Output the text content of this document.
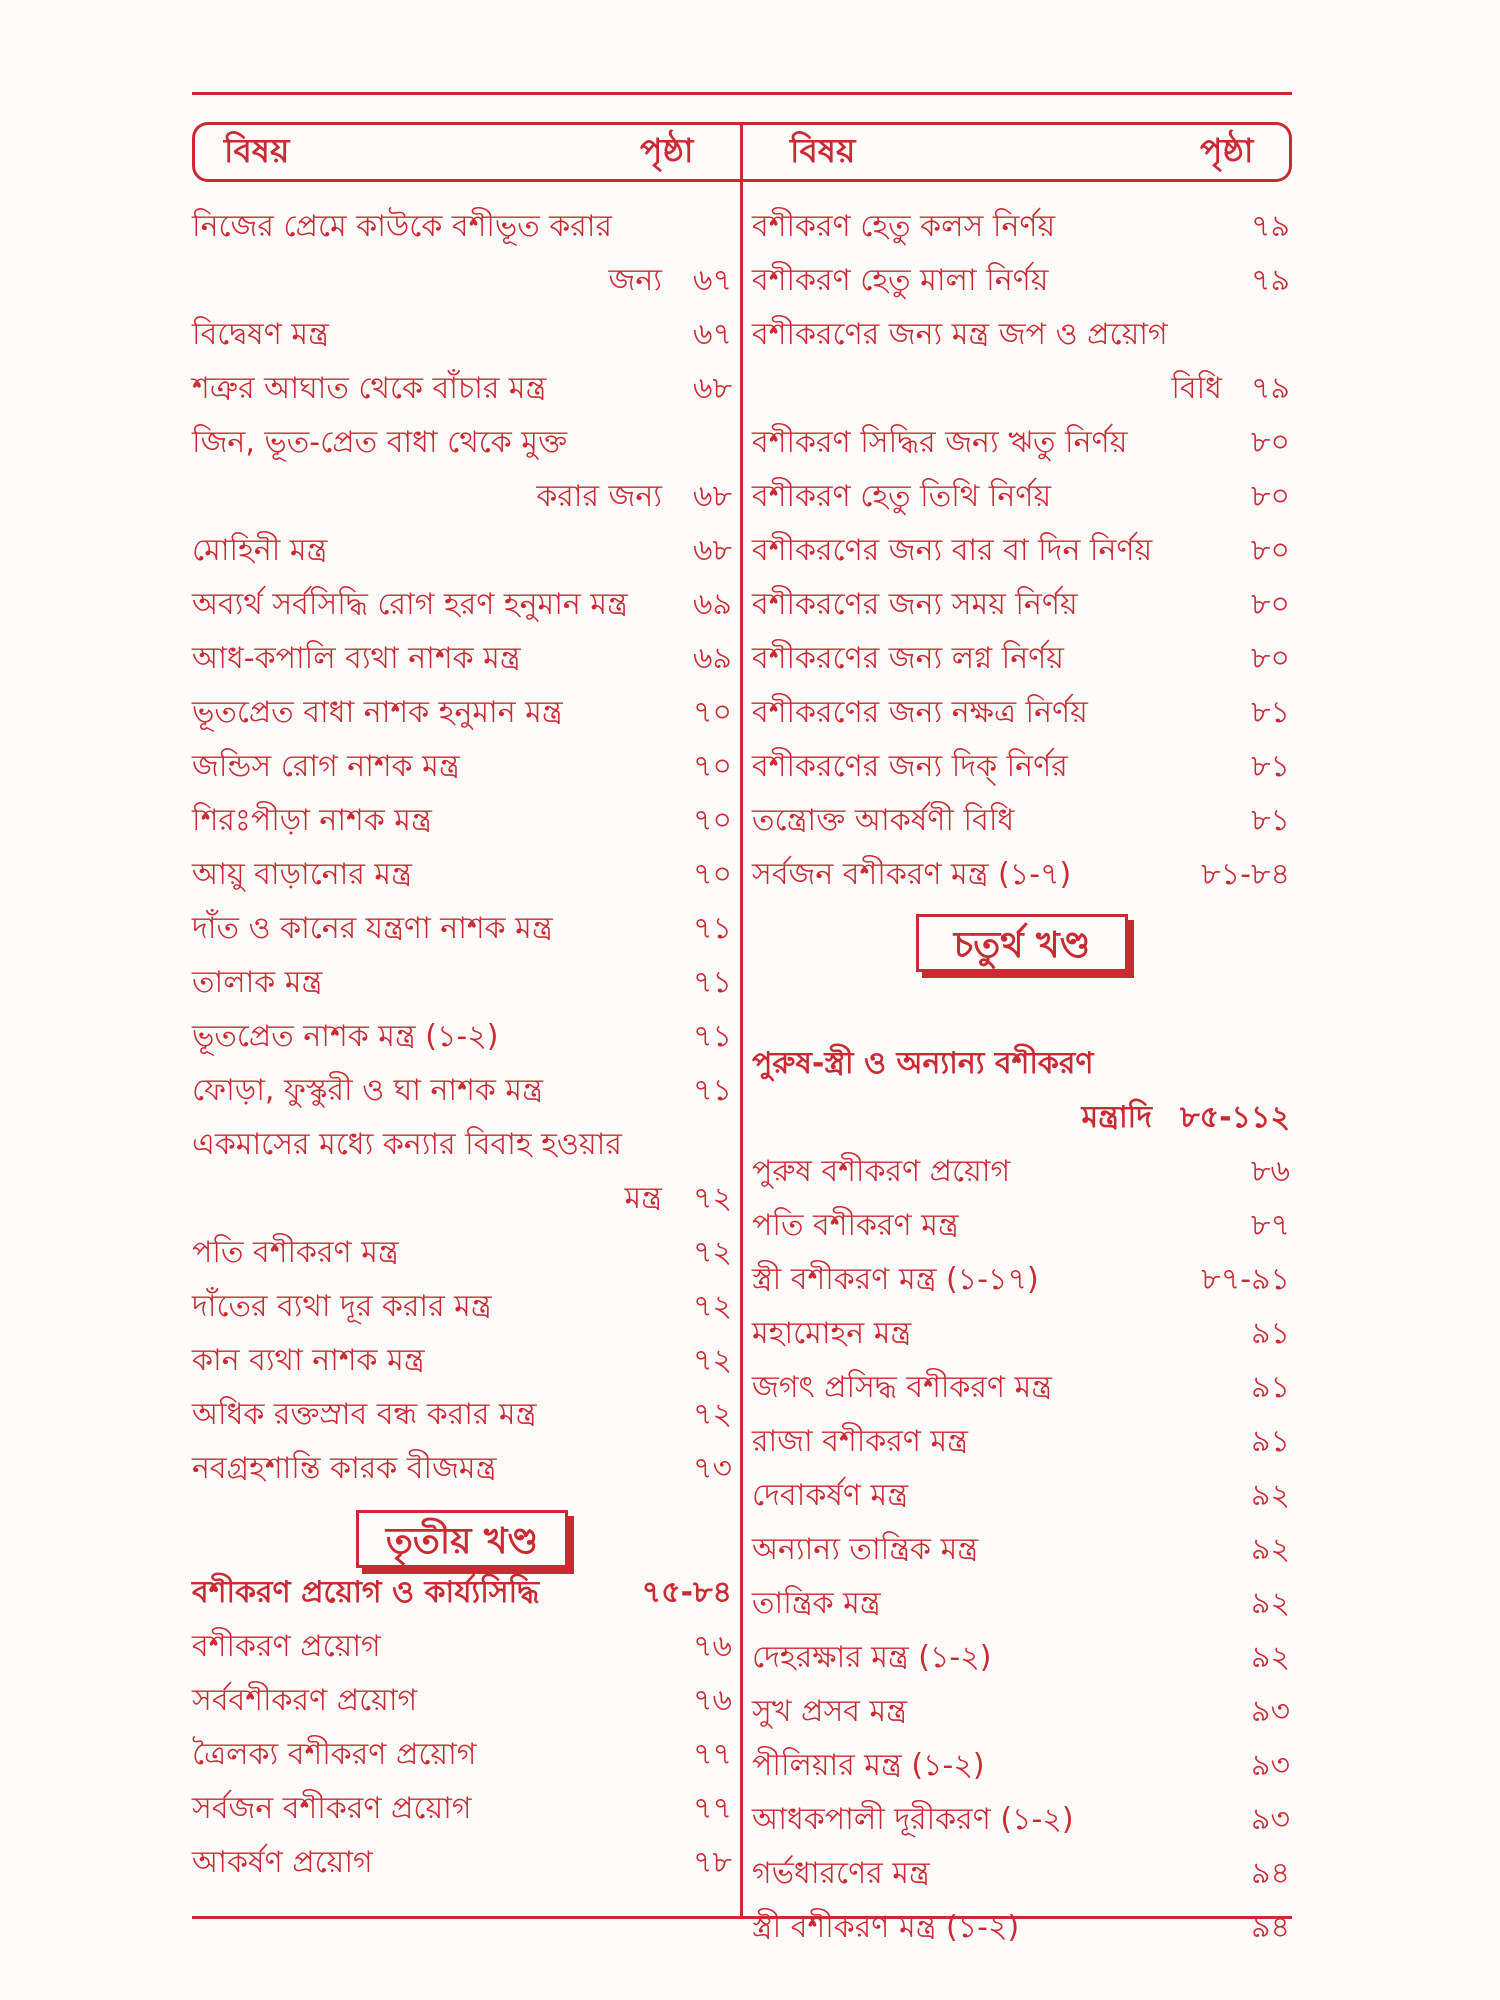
বিষয়	পৃষ্ঠা	বিষয়	পৃষ্ঠা
নিজের প্রেমে কাউকে বশীভূত করার
জন্য ৬৭
বিদ্বেষণ মন্ত্র	৬৭
শত্রুর আঘাত থেকে বাঁচার মন্ত্র	৬৮
জিন, ভূত-প্রেত বাধা থেকে মুক্ত
করার জন্য ৬৮
মোহিনী মন্ত্র	৬৮
অব্যর্থ সর্বসিদ্ধি রোগ হরণ হনুমান মন্ত্র ৬৯
আধ-কপালি ব্যথা নাশক মন্ত্র	৬৯
ভূতপ্রেত বাধা নাশক হনুমান মন্ত্র	৭০
জন্ডিস রোগ নাশক মন্ত্র	৭০
শিরঃপীড়া নাশক মন্ত্র	৭০
আয়ু বাড়ানোর মন্ত্র	৭০
দাঁত ও কানের যন্ত্রণা নাশক মন্ত্র	৭১
তালাক মন্ত্র	৭১
ভূতপ্রেত নাশক মন্ত্র (১-২)	৭১
ফোড়া, ফুস্কুরী ও ঘা নাশক মন্ত্র	৭১
একমাসের মধ্যে কন্যার বিবাহ হওয়ার
মন্ত্র ৭২
পতি বশীকরণ মন্ত্র	৭২
দাঁতের ব্যথা দূর করার মন্ত্র	৭২
কান ব্যথা নাশক মন্ত্র	৭২
অধিক রক্তস্রাব বন্ধ করার মন্ত্র	৭২
নবগ্রহশান্তি কারক বীজমন্ত্র	৭৩
বশীকরণ প্রয়োগ ও কার্য্যসিদ্ধি	৭৫-৮৪
বশীকরণ প্রয়োগ	৭৬
সর্ববশীকরণ প্রয়োগ	৭৬
ত্রৈলক্য বশীকরণ প্রয়োগ	৭৭
সর্বজন বশীকরণ প্রয়োগ	৭৭
আকর্ষণ প্রয়োগ	৭৮
বশীকরণ হেতু কলস নির্ণয়	৭৯
বশীকরণ হেতু মালা নির্ণয়	৭৯
বশীকরণের জন্য মন্ত্র জপ ও প্রয়োগ
বিধি ৭৯
বশীকরণ সিদ্ধির জন্য ঋতু নির্ণয়	৮০
বশীকরণ হেতু তিথি নির্ণয়	৮০
বশীকরণের জন্য বার বা দিন নির্ণয়	৮০
বশীকরণের জন্য সময় নির্ণয়	৮০
বশীকরণের জন্য লগ্ন নির্ণয়	৮০
বশীকরণের জন্য নক্ষত্র নির্ণয়	৮১
বশীকরণের জন্য দিক্ নির্ণর	৮১
তন্ত্রোক্ত আকর্ষণী বিধি	৮১
সর্বজন বশীকরণ মন্ত্র (১-৭)	৮১-৮৪
পুরুষ-স্ত্রী ও অন্যান্য বশীকরণ
মন্ত্রাদি ৮৫-১১২
পুরুষ বশীকরণ প্রয়োগ	৮৬
পতি বশীকরণ মন্ত্র	৮৭
স্ত্রী বশীকরণ মন্ত্র (১-১৭)	৮৭-৯১
মহামোহন মন্ত্র	৯১
জগৎ প্রসিদ্ধ বশীকরণ মন্ত্র	৯১
রাজা বশীকরণ মন্ত্র	৯১
দেবাকর্ষণ মন্ত্র	৯২
অন্যান্য তান্ত্রিক মন্ত্র	৯২
তান্ত্রিক মন্ত্র	৯২
দেহরক্ষার মন্ত্র (১-২)	৯২
সুখ প্রসব মন্ত্র	৯৩
পীলিয়ার মন্ত্র (১-২)	৯৩
আধকপালী দূরীকরণ (১-২)	৯৩
গর্ভধারণের মন্ত্র	৯৪
স্ত্রী বশীকরণ মন্ত্র (১-২)	৯৪
তৃতীয় খণ্ড
চতুর্থ খণ্ড
